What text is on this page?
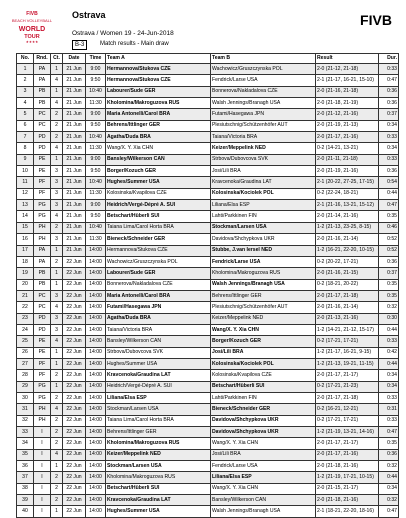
FIVB
BEACH VOLLEYBALL
WORLD
TOUR
★★★★
FIVB
Ostrava
Ostrava / Women 19 - 24-Jun-2018
B-3	Match results - Main draw
No.	Rnd.	Ct.	Date	Time	Team A	Team B	Result	Dur.
1	PA	1	21 Jun	9:00	Hermannova/Stukova CZE	Wachowicz/Gruszczynska POL	2-0 (21-12, 21-18)	0:33
2	PA	4	21 Jun	9:50	Hermannova/Stukova CZE	Fendrick/Larse USA	2-1 (21-17, 16-21, 15-10)	0:47
3	PB	1	21 Jun	10:40	Labourer/Sude GER	Bonnerova/Nakladalova CZE	2-0 (21-16, 21-18)	0:36
4	PB	4	21 Jun	11:30	Kholomina/Makroguzova RUS	Walsh Jennings/Branagh USA	2-0 (21-18, 21-19)	0:36
5	PC	2	21 Jun	9:00	Maria Antonelli/Carol BRA	Futami/Hasegawa JPN	2-0 (21-12, 21-16)	0:37
6	PC	2	21 Jun	9:50	Behrens/Ittlinger GER	Plesiutschnig/Schützenhöfer AUT	2-0 (21-19, 21-13)	0:34
7	PD	2	21 Jun	10:40	Agatha/Duda BRA	Taiana/Victoria BRA	2-0 (21-17, 21-16)	0:33
8	PD	4	21 Jun	11:30	Wang/X. Y. Xia CHN	Keizer/Meppelink NED	0-2 (14-21, 13-21)	0:34
9	PE	1	21 Jun	9:00	Bansley/Wilkerson CAN	Strbova/Dubovcova SVK	2-0 (21-11, 21-18)	0:33
10	PE	3	21 Jun	9:50	Borger/Kozuch GER	Josi/Lili BRA	2-0 (21-19, 21-16)	0:36
11	PF	3	21 Jun	10:40	Hughes/Summer USA	Kravcenoka/Graudina LAT	2-1 (20-22, 27-25, 17-15)	0:54
12	PF	3	21 Jun	11:30	Kolosinska/Kvapilova CZE	Kolosinska/Kociolek POL	0-2 (22-24, 18-21)	0:44
13	PG	3	21 Jun	9:00	Heidrich/Vergé-Dépré A. SUI	Liliana/Elsa ESP	2-1 (21-16, 13-21, 15-12)	0:47
14	PG	4	21 Jun	9:50	Betschart/Hüberli SUI	Lahti/Parkkinen FIN	2-0 (21-14, 21-16)	0:35
15	PH	2	21 Jun	10:40	Taiana Lima/Carol Horta BRA	Stockman/Larsen USA	1-2 (21-13, 23-25, 8-15)	0:46
16	PH	3	21 Jun	11:30	Bieneck/Schneider GER	Davidova/Shchypkova UKR	2-0 (21-16, 21-14)	0:52
17	PA	1	21 Jun	14:00	Hermannova/Stukova CZE	Stubbe, J.van Iersel NED	1-2 (16-21, 22-20, 10-15)	0:52
18	PA	2	22 Jun	14:00	Wachowicz/Gruszczynska POL	Fendrick/Larse USA	0-2 (20-22, 17-21)	0:36
19	PB	1	22 Jun	14:00	Labourer/Sude GER	Kholomina/Makroguzova RUS	2-0 (21-16, 21-15)	0:37
20	PB	1	22 Jun	14:00	Bonnerova/Nakladalova CZE	Walsh Jennings/Branagh USA	0-2 (18-21, 20-22)	0:35
21	PC	3	22 Jun	14:00	Maria Antonelli/Carol BRA	Behrens/Ittlinger GER	2-0 (21-17, 21-18)	0:35
22	PC	4	22 Jun	14:00	Futami/Hasegawa JPN	Plesiutschnig/Schützenhöfer AUT	2-0 (21-16, 21-14)	0:32
23	PD	3	22 Jun	14:00	Agatha/Duda BRA	Keizer/Meppelink NED	2-0 (21-13, 21-16)	0:30
24	PD	3	22 Jun	14:00	Taiana/Victoria BRA	Wang/X. Y. Xia CHN	1-2 (14-21, 21-12, 15-17)	0:44
25	PE	4	22 Jun	14:00	Bansley/Wilkerson CAN	Borger/Kozuch GER	0-2 (17-21, 17-21)	0:33
26	PE	1	22 Jun	14:00	Strbova/Dubovcova SVK	Josi/Lili BRA	1-2 (21-17, 16-21, 9-15)	0:42
27	PF	1	22 Jun	14:00	Hughes/Summer USA	Kolosinska/Kociolek POL	1-2 (21-13, 19-21, 11-15)	0:44
28	PF	2	22 Jun	14:00	Kravcenoka/Graudina LAT	Kolosinska/Kvapilova CZE	2-0 (21-17, 21-17)	0:34
29	PG	1	22 Jun	14:00	Heidrich/Vergé-Dépré A. SUI	Betschart/Hüberli SUI	0-2 (17-21, 21-23)	0:34
30	PG	2	22 Jun	14:00	Liliana/Elsa ESP	Lahti/Parkkinen FIN	2-0 (21-17, 21-18)	0:33
31	PH	4	22 Jun	14:00	Stockman/Larsen USA	Bieneck/Schneider GER	0-2 (16-21, 12-21)	0:31
32	PH	2	22 Jun	14:00	Taiana Lima/Carol Horta BRA	Davidova/Shchypkova UKR	0-2 (17-21, 17-21)	0:33
33	I	2	22 Jun	14:00	Behrens/Ittlinger GER	Davidova/Shchypkova UKR	1-2 (21-19, 13-21, 14-16)	0:47
34	I	2	22 Jun	14:00	Kholomina/Makroguzova RUS	Wang/X. Y. Xia CHN	2-0 (21-17, 21-17)	0:35
35	I	4	22 Jun	14:00	Keizer/Meppelink NED	Josi/Lili BRA	2-0 (21-17, 21-16)	0:36
36	I	1	22 Jun	14:00	Stockman/Larsen USA	Fendrick/Larse USA	2-0 (21-18, 21-16)	0:32
37	I	2	22 Jun	14:00	Kholomina/Makroguzova RUS	Liliana/Elsa ESP	1-2 (21-19, 17-21, 10-15)	0:44
38	I	2	22 Jun	14:00	Betschart/Hüberli SUI	Wang/X. Y. Xia CHN	2-0 (21-15, 21-17)	0:34
39	I	2	22 Jun	14:00	Kravcenoka/Graudina LAT	Bansley/Wilkerson CAN	2-0 (21-18, 21-16)	0:32
40	I	1	22 Jun	14:00	Hughes/Summer USA	Walsh Jennings/Branagh USA	2-1 (18-21, 22-20, 18-16)	0:47
